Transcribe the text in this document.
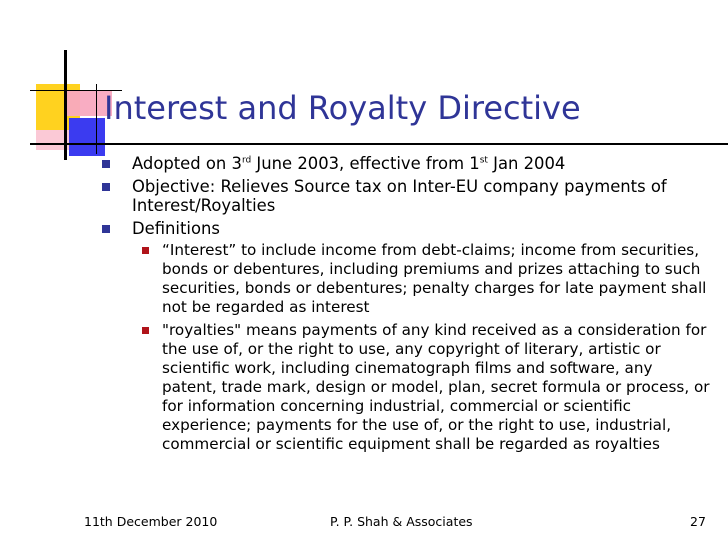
Interest and Royalty Directive
Adopted on 3rd June 2003, effective from 1st Jan 2004
Objective: Relieves Source tax on Inter-EU company payments of Interest/Royalties
Definitions
“Interest” to include income from debt-claims; income from securities, bonds or debentures, including premiums and prizes attaching to such securities, bonds or debentures; penalty charges for late payment shall not be regarded as interest
"royalties" means payments of any kind received as a consideration for the use of, or the right to use, any copyright of literary, artistic or scientific work, including cinematograph films and software, any patent, trade mark, design or model, plan, secret formula or process, or for information concerning industrial, commercial or scientific experience; payments for the use of, or the right to use, industrial, commercial or scientific equipment shall be regarded as royalties
11th December 2010	P. P. Shah & Associates	27
